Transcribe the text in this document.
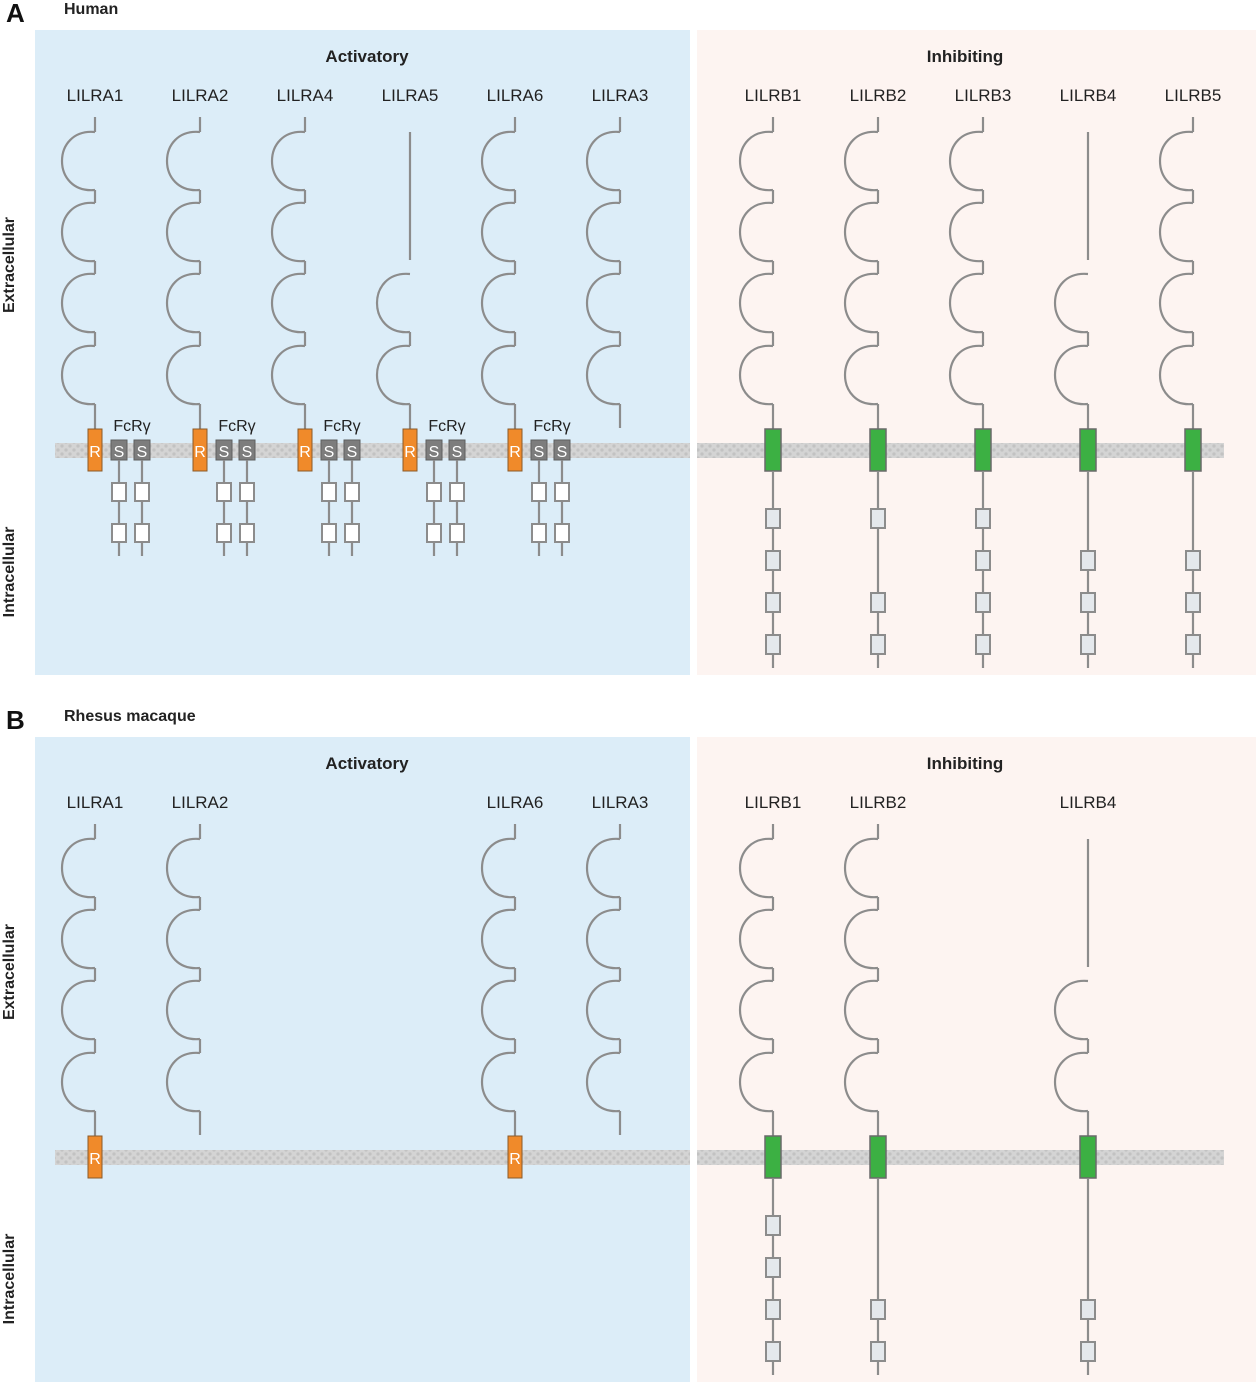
A Human
Activatory	Inhibiting
Extracellular
Intracellular
LILRA1
R
FcRγ
S S
LILRA2
R
FcRγ
S S
LILRA4
R
FcRγ
S S
LILRA5
R
FcRγ
S S
LILRA6
R
FcRγ
S S
LILRA3	LILRB1	LILRB2	LILRB3	LILRB4	LILRB5
B Rhesus macaque
Activatory	Inhibiting
Extracellular
Intracellular
LILRA1
R
LILRA2	LILRA6
R
LILRA3	LILRB1	LILRB2	LILRB4
